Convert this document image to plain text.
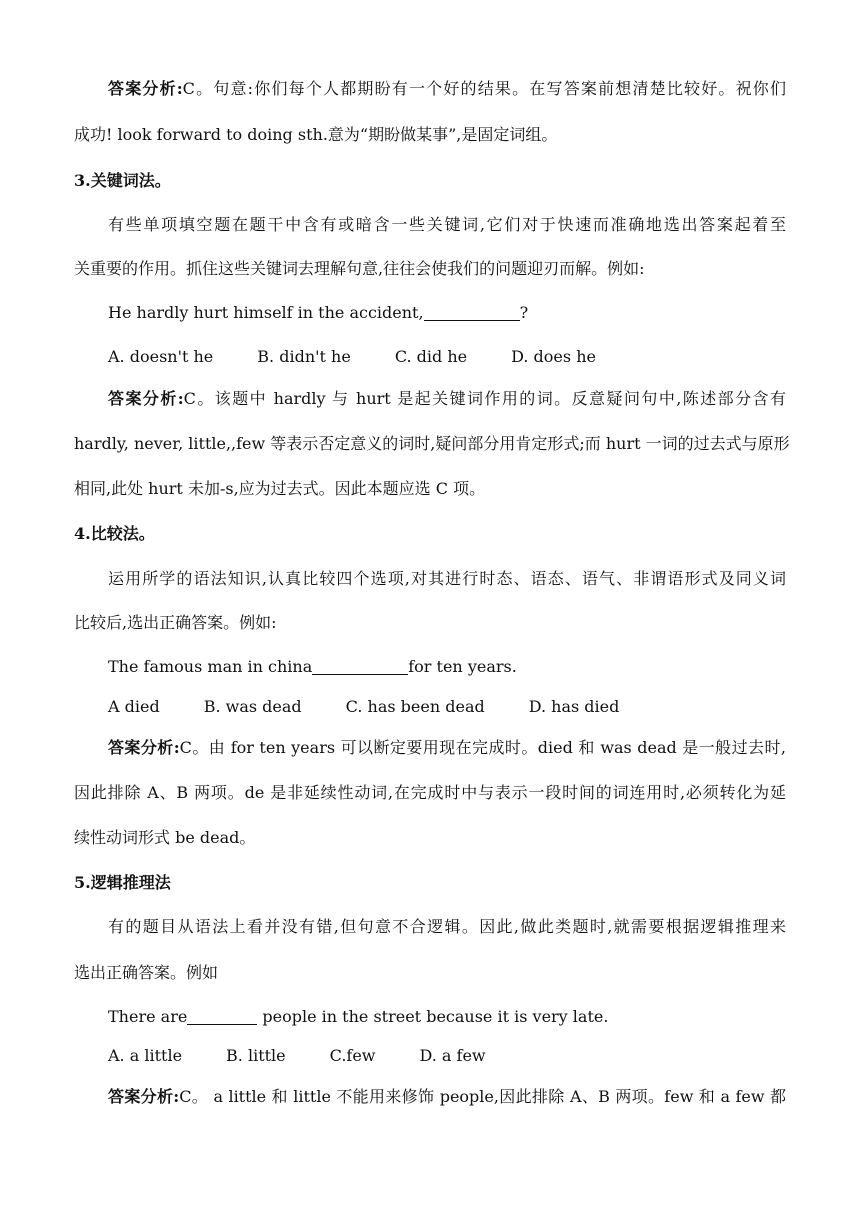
答案分析:C。句意:你们每个人都期盼有一个好的结果。在写答案前想清楚比较好。祝你们
成功! look forward to doing sth.意为“期盼做某事”,是固定词组。
3.关键词法。
有些单项填空题在题干中含有或暗含一些关键词,它们对于快速而准确地选出答案起着至
关重要的作用。抓住这些关键词去理解句意,往往会使我们的问题迎刃而解。例如:
He hardly hurt himself in the accident,	?
A. doesn't he	B. didn't he	C. did he	D. does he
答案分析:C。该题中 hardly 与 hurt 是起关键词作用的词。反意疑问句中,陈述部分含有
hardly, never, little,,few 等表示否定意义的词时,疑问部分用肯定形式;而 hurt 一词的过去式与原形
相同,此处 hurt 未加-s,应为过去式。因此本题应选 C 项。
4.比较法。
运用所学的语法知识,认真比较四个选项,对其进行时态、语态、语气、非谓语形式及同义词
比较后,选出正确答案。例如:
The famous man in china	for ten years.
A died	B. was dead	C. has been dead	D. has died
答案分析:C。由 for ten years 可以断定要用现在完成时。died 和 was dead 是一般过去时,
因此排除 A、B 两项。de 是非延续性动词,在完成时中与表示一段时间的词连用时,必须转化为延
续性动词形式 be dead。
5.逻辑推理法
有的题目从语法上看并没有错,但句意不合逻辑。因此,做此类题时,就需要根据逻辑推理来
选出正确答案。例如
There are	people in the street because it is very late.
A. a little	B. little	C.few	D. a few
答案分析:C。 a little 和 little 不能用来修饰 people,因此排除 A、B 两项。few 和 a few 都
